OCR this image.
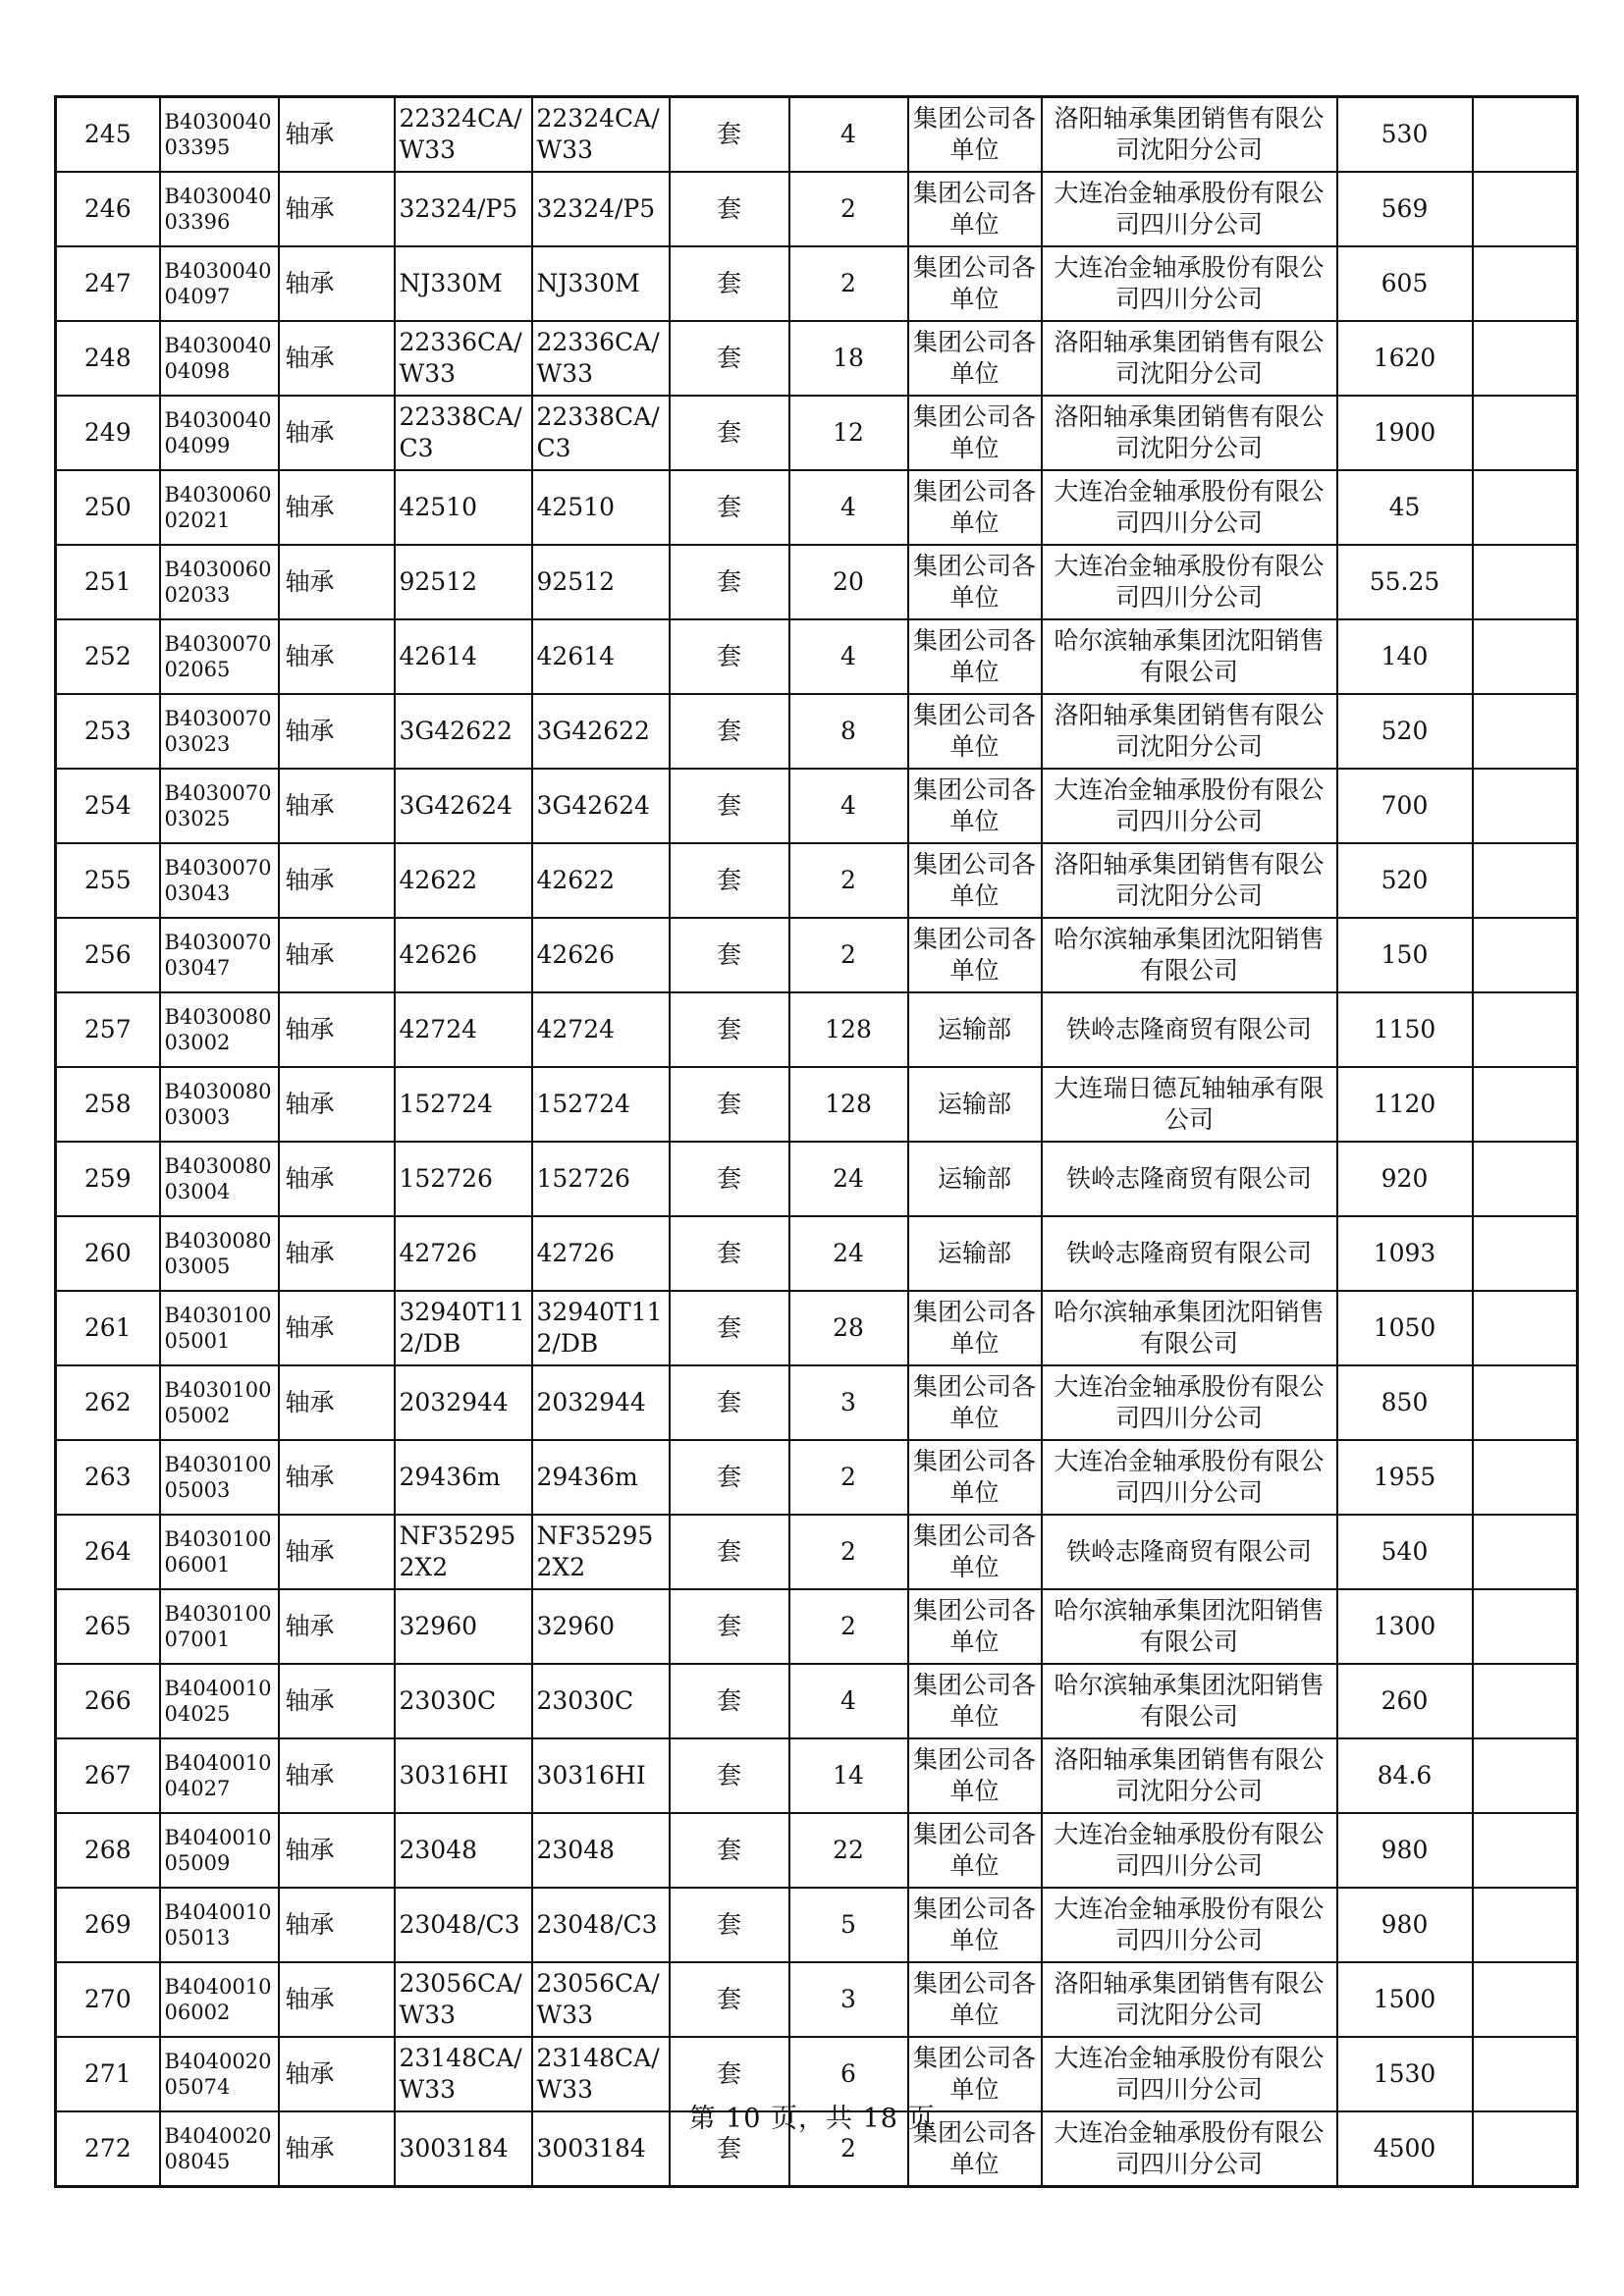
245	B403004003395	轴承	22324CA/W33	22324CA/W33	套	4	集团公司各单位	洛阳轴承集团销售有限公司沈阳分公司	530	
246	B403004003396	轴承	32324/P5	32324/P5	套	2	集团公司各单位	大连冶金轴承股份有限公司四川分公司	569	
247	B403004004097	轴承	NJ330M	NJ330M	套	2	集团公司各单位	大连冶金轴承股份有限公司四川分公司	605	
248	B403004004098	轴承	22336CA/W33	22336CA/W33	套	18	集团公司各单位	洛阳轴承集团销售有限公司沈阳分公司	1620	
249	B403004004099	轴承	22338CA/C3	22338CA/C3	套	12	集团公司各单位	洛阳轴承集团销售有限公司沈阳分公司	1900	
250	B403006002021	轴承	42510	42510	套	4	集团公司各单位	大连冶金轴承股份有限公司四川分公司	45	
251	B403006002033	轴承	92512	92512	套	20	集团公司各单位	大连冶金轴承股份有限公司四川分公司	55.25	
252	B403007002065	轴承	42614	42614	套	4	集团公司各单位	哈尔滨轴承集团沈阳销售有限公司	140	
253	B403007003023	轴承	3G42622	3G42622	套	8	集团公司各单位	洛阳轴承集团销售有限公司沈阳分公司	520	
254	B403007003025	轴承	3G42624	3G42624	套	4	集团公司各单位	大连冶金轴承股份有限公司四川分公司	700	
255	B403007003043	轴承	42622	42622	套	2	集团公司各单位	洛阳轴承集团销售有限公司沈阳分公司	520	
256	B403007003047	轴承	42626	42626	套	2	集团公司各单位	哈尔滨轴承集团沈阳销售有限公司	150	
257	B403008003002	轴承	42724	42724	套	128	运输部	铁岭志隆商贸有限公司	1150	
258	B403008003003	轴承	152724	152724	套	128	运输部	大连瑞日德瓦轴轴承有限公司	1120	
259	B403008003004	轴承	152726	152726	套	24	运输部	铁岭志隆商贸有限公司	920	
260	B403008003005	轴承	42726	42726	套	24	运输部	铁岭志隆商贸有限公司	1093	
261	B403010005001	轴承	32940T112/DB	32940T112/DB	套	28	集团公司各单位	哈尔滨轴承集团沈阳销售有限公司	1050	
262	B403010005002	轴承	2032944	2032944	套	3	集团公司各单位	大连冶金轴承股份有限公司四川分公司	850	
263	B403010005003	轴承	29436m	29436m	套	2	集团公司各单位	大连冶金轴承股份有限公司四川分公司	1955	
264	B403010006001	轴承	NF352952X2	NF352952X2	套	2	集团公司各单位	铁岭志隆商贸有限公司	540	
265	B403010007001	轴承	32960	32960	套	2	集团公司各单位	哈尔滨轴承集团沈阳销售有限公司	1300	
266	B404001004025	轴承	23030C	23030C	套	4	集团公司各单位	哈尔滨轴承集团沈阳销售有限公司	260	
267	B404001004027	轴承	30316HI	30316HI	套	14	集团公司各单位	洛阳轴承集团销售有限公司沈阳分公司	84.6	
268	B404001005009	轴承	23048	23048	套	22	集团公司各单位	大连冶金轴承股份有限公司四川分公司	980	
269	B404001005013	轴承	23048/C3	23048/C3	套	5	集团公司各单位	大连冶金轴承股份有限公司四川分公司	980	
270	B404001006002	轴承	23056CA/W33	23056CA/W33	套	3	集团公司各单位	洛阳轴承集团销售有限公司沈阳分公司	1500	
271	B404002005074	轴承	23148CA/W33	23148CA/W33	套	6	集团公司各单位	大连冶金轴承股份有限公司四川分公司	1530	
272	B404002008045	轴承	3003184	3003184	套	2	集团公司各单位	大连冶金轴承股份有限公司四川分公司	4500	
第 10 页，共 18 页
